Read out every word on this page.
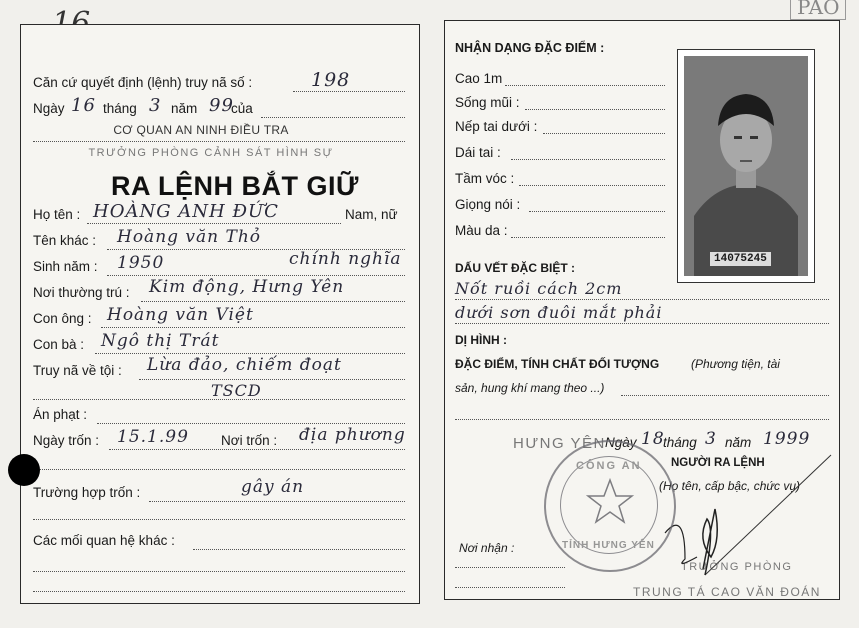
PAO
Căn cứ quyết định (lệnh) truy nã số :	198
Ngày 16 tháng 3 năm 99
của
CƠ QUAN AN NINH ĐIỀU TRA
TRƯỞNG PHÒNG CẢNH SÁT HÌNH SỰ
RA LỆNH BẮT GIỮ
Họ tên : HOÀNG ANH ĐỨC	Nam, nữ
Tên khác : Hoàng văn Thỏ
Sinh năm : 1950	chính nghĩa
Nơi thường trú : Kim động, Hưng Yên
Con ông : Hoàng văn Việt
Con bà : Ngô thị Trát
Truy nã về tội : Lừa đảo, chiếm đoạt
TSCD
Án phạt :
Ngày trốn : 15.1.99 Nơi trốn : địa phương
Trường hợp trốn :	gây án
Các mối quan hệ khác :
NHẬN DẠNG ĐẶC ĐIỂM :
Cao 1m
Sống mũi :
Nếp tai dưới :
Dái tai :
Tầm vóc :
Giọng nói :
Màu da :
14075245
DẤU VẾT ĐẶC BIỆT :
Nốt ruồi cách 2cm
dưới sơn đuôi mắt phải
DỊ HÌNH :
ĐẶC ĐIỂM, TÍNH CHẤT ĐỐI TƯỢNG	(Phương tiện, tài
sản, hung khí mang theo ...)
HƯNG YÊN Ngày 18
tháng 3 năm 1999
NGƯỜI RA LỆNH
(Họ tên, cấp bậc, chức vụ)
Nơi nhận :
TRƯỞNG PHÒNG
TRUNG TÁ CAO VĂN ĐOÁN
CÔNG AN
TỈNH HƯNG YÊN
